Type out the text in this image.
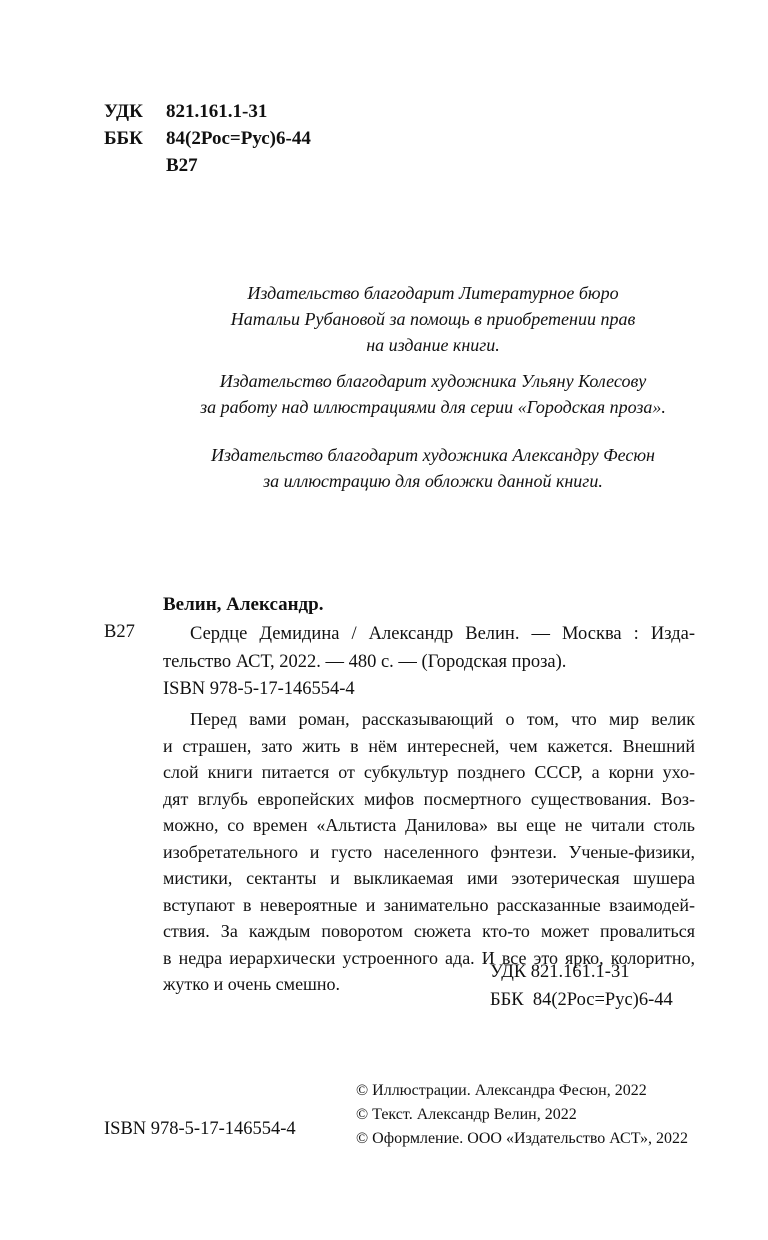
УДК 821.161.1-31
ББК 84(2Рос=Рус)6-44
В27

Издательство благодарит Литературное бюро

Натальи Рубановой за помощь в приобретении прав

на издание книги.

Издательство благодарит художника Ульяну Колесову

за работу над иллюстрациями для серии «Городская проза».

Издательство благодарит художника Александру Фесюн

за иллюстрацию для обложки данной книги.

Велин, Александр.
В27	Сердце Демидина / Александр Велин. — Москва : Изда-
тельство АСТ, 2022. — 480 с. — (Городская проза).
ISBN 978-5-17-146554-4
Перед вами роман, рассказывающий о том, что мир велик
и страшен, зато жить в нём интересней, чем кажется. Внешний
слой книги питается от субкультур позднего СССР, а корни ухо-
дят вглубь европейских мифов посмертного существования. Воз-
можно, со времен «Альтиста Данилова» вы еще не читали столь
изобретательного и густо населенного фэнтези. Ученые-физики,
мистики, сектанты и выкликаемая ими эзотерическая шушера
вступают в невероятные и занимательно рассказанные взаимодей-
ствия. За каждым поворотом сюжета кто-то может провалиться
в недра иерархически устроенного ада. И все это ярко, колоритно,
жутко и очень смешно.
УДК 821.161.1-31
ББК  84(2Рос=Рус)6-44
© Иллюстрации. Александра Фесюн, 2022
© Текст. Александр Велин, 2022
© Оформление. ООО «Издательство АСТ», 2022
ISBN 978-5-17-146554-4
